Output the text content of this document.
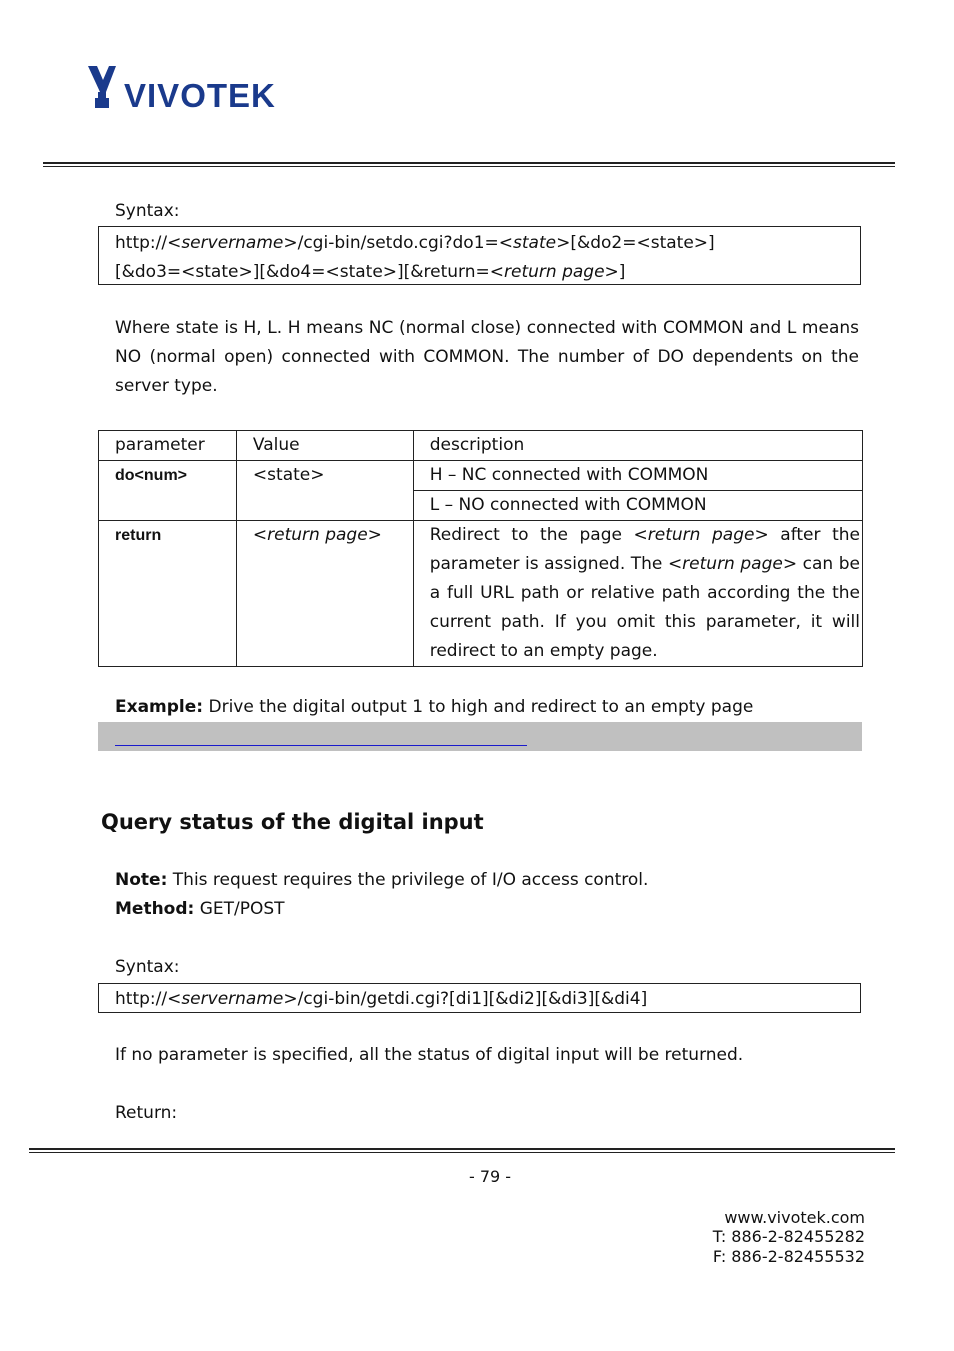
VIVOTEK
Syntax:
http://<servername>/cgi-bin/setdo.cgi?do1=<state>[&do2=<state>]
[&do3=<state>][&do4=<state>][&return=<return page>]
Where state is H, L. H means NC (normal close) connected with COMMON and L means NO (normal open) connected with COMMON. The number of DO dependents on the server type.
parameter	Value	description
do<num>	<state>	H – NC connected with COMMON
		L – NO connected with COMMON
return	<return page>	Redirect to the page <return page> after the parameter is assigned. The <return page> can be a full URL path or relative path according the the current path. If you omit this parameter, it will redirect to an empty page.
Example: Drive the digital output 1 to high and redirect to an empty page
Query status of the digital input
Note: This request requires the privilege of I/O access control.
Method: GET/POST
Syntax:
http://<servername>/cgi-bin/getdi.cgi?[di1][&di2][&di3][&di4]
If no parameter is specified, all the status of digital input will be returned.
Return:
- 79 -
www.vivotek.com
T: 886-2-82455282
F: 886-2-82455532
